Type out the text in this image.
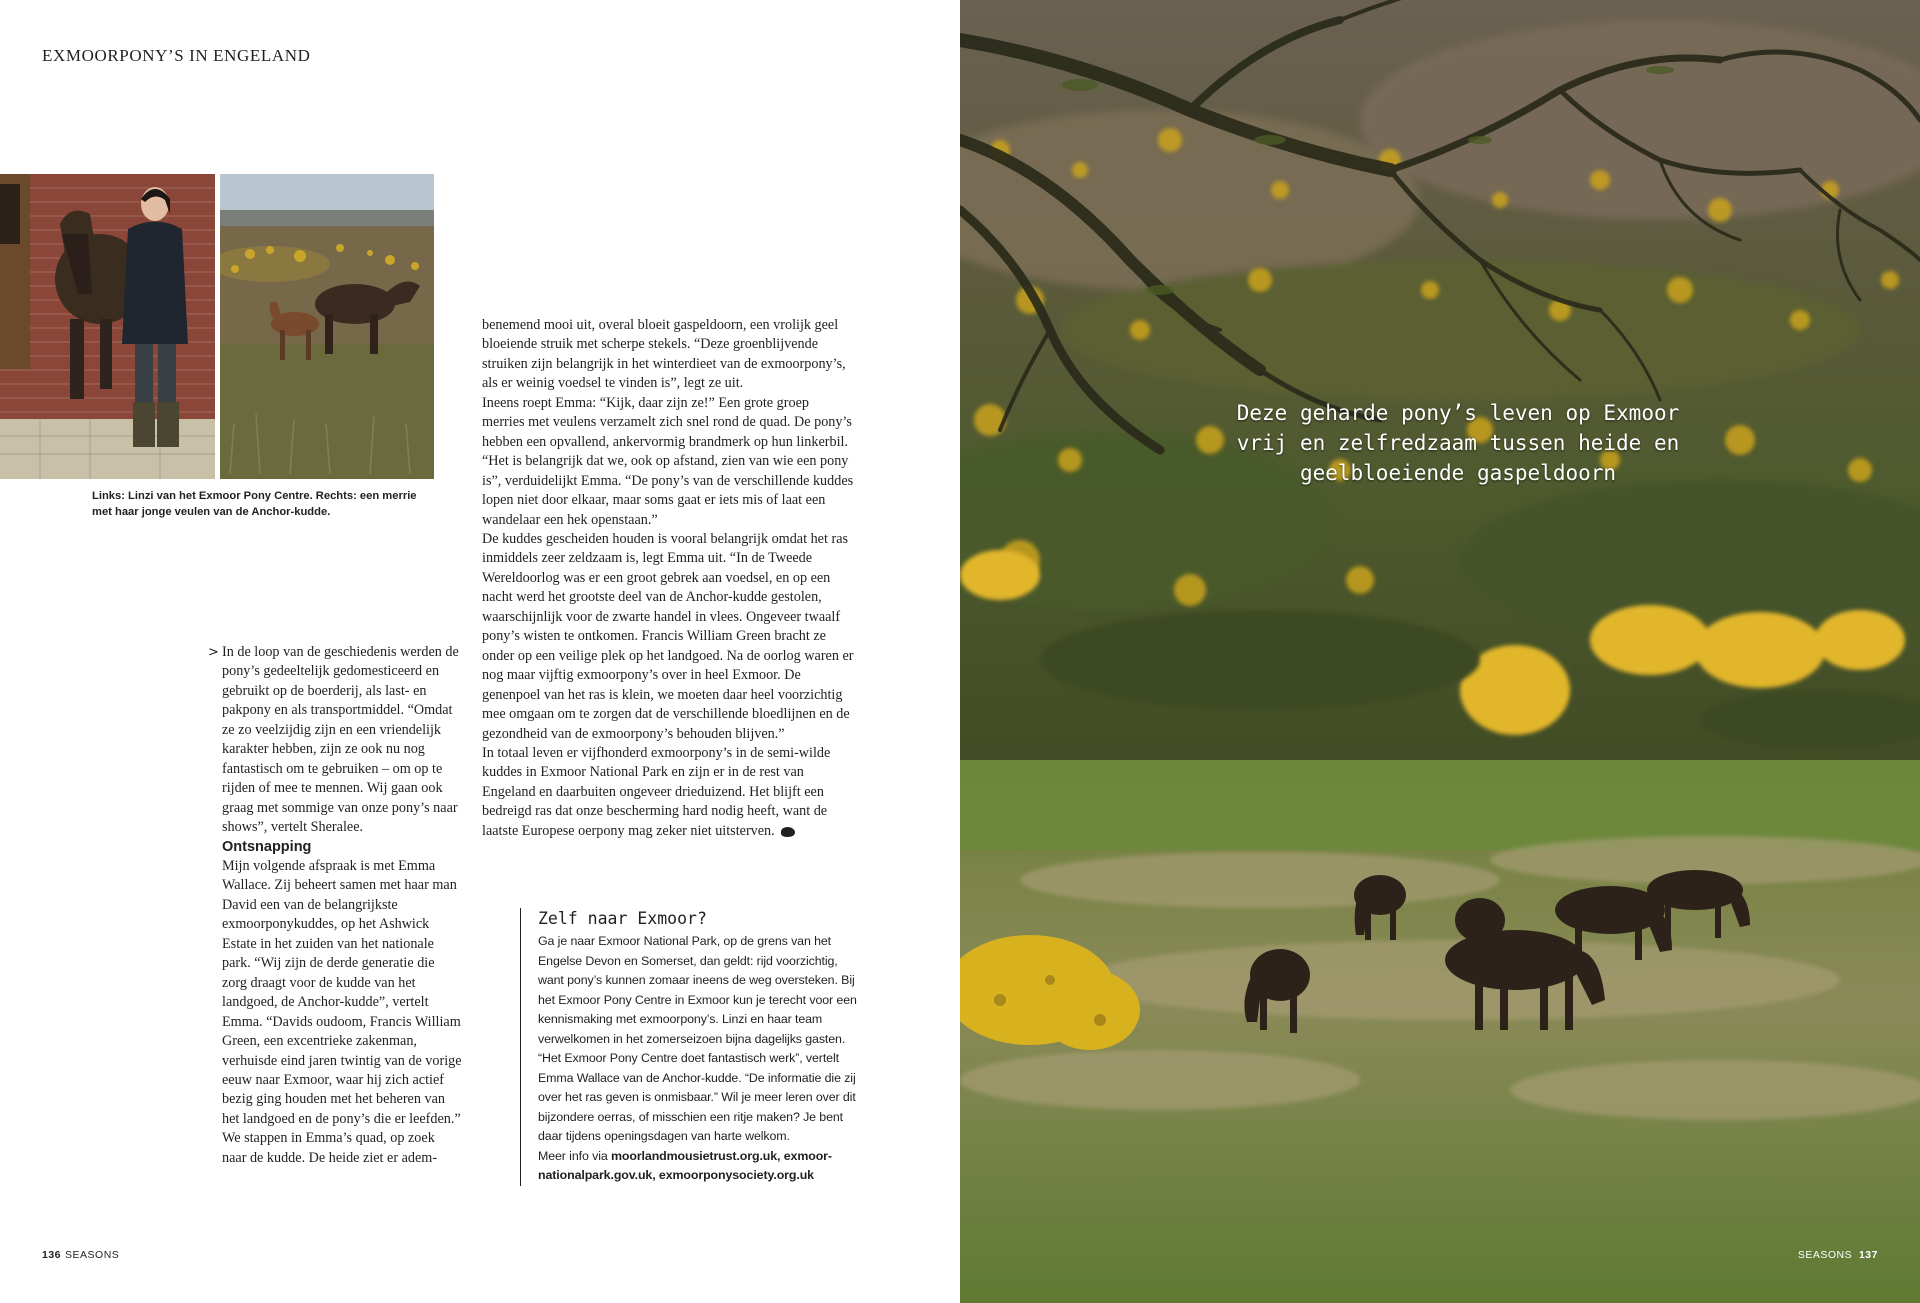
EXMOORPONY’S IN ENGELAND
Links: Linzi van het Exmoor Pony Centre. Rechts: een merrie met haar jonge veulen van de Anchor-kudde.
> In de loop van de geschiedenis werden de pony’s gedeeltelijk gedomesticeerd en gebruikt op de boerderij, als last- en pakpony en als transportmiddel. “Omdat ze zo veelzijdig zijn en een vriendelijk karakter hebben, zijn ze ook nu nog fantastisch om te gebruiken – om op te rijden of mee te mennen. Wij gaan ook graag met sommige van onze pony’s naar shows”, vertelt Sheralee.

Ontsnapping

Mijn volgende afspraak is met Emma Wallace. Zij beheert samen met haar man David een van de belangrijkste exmoorponykuddes, op het Ashwick Estate in het zuiden van het nationale park. “Wij zijn de derde generatie die zorg draagt voor de kudde van het landgoed, de Anchor-kudde”, vertelt Emma. “Davids oudoom, Francis William Green, een excentrieke zakenman, verhuisde eind jaren twintig van de vorige eeuw naar Exmoor, waar hij zich actief bezig ging houden met het beheren van het landgoed en de pony’s die er leefden.”

We stappen in Emma’s quad, op zoek naar de kudde. De heide ziet er adem-

benemend mooi uit, overal bloeit gaspeldoorn, een vrolijk geel bloeiende struik met scherpe stekels. “Deze groenblijvende struiken zijn belangrijk in het winterdieet van de exmoorpony’s, als er weinig voedsel te vinden is”, legt ze uit.

Ineens roept Emma: “Kijk, daar zijn ze!” Een grote groep merries met veulens verzamelt zich snel rond de quad. De pony’s hebben een opvallend, ankervormig brandmerk op hun linkerbil. “Het is belangrijk dat we, ook op afstand, zien van wie een pony is”, verduidelijkt Emma. “De pony’s van de verschillende kuddes lopen niet door elkaar, maar soms gaat er iets mis of laat een wandelaar een hek openstaan.”

De kuddes gescheiden houden is vooral belangrijk omdat het ras inmiddels zeer zeldzaam is, legt Emma uit. “In de Tweede Wereldoorlog was er een groot gebrek aan voedsel, en op een nacht werd het grootste deel van de Anchor-kudde gestolen, waarschijnlijk voor de zwarte handel in vlees. Ongeveer twaalf pony’s wisten te ontkomen. Francis William Green bracht ze onder op een veilige plek op het landgoed. Na de oorlog waren er nog maar vijftig exmoorpony’s over in heel Exmoor. De genenpoel van het ras is klein, we moeten daar heel voorzichtig mee omgaan om te zorgen dat de verschillende bloedlijnen en de gezondheid van de exmoorpony’s behouden blijven.”

In totaal leven er vijfhonderd exmoorpony’s in de semi-wilde kuddes in Exmoor National Park en zijn er in de rest van Engeland en daarbuiten ongeveer drieduizend. Het blijft een bedreigd ras dat onze bescherming hard nodig heeft, want de laatste Europese oerpony mag zeker niet uitsterven.

Zelf naar Exmoor?
Ga je naar Exmoor National Park, op de grens van het Engelse Devon en Somerset, dan geldt: rijd voorzichtig, want pony’s kunnen zomaar ineens de weg oversteken. Bij het Exmoor Pony Centre in Exmoor kun je terecht voor een kennismaking met exmoorpony’s. Linzi en haar team verwelkomen in het zomerseizoen bijna dagelijks gasten. “Het Exmoor Pony Centre doet fantastisch werk”, vertelt Emma Wallace van de Anchor-kudde. “De informatie die zij over het ras geven is onmisbaar.” Wil je meer leren over dit bijzondere oerras, of misschien een ritje maken? Je bent daar tijdens openingsdagen van harte welkom.
Meer info via moorlandmousietrust.org.uk, exmoor-nationalpark.gov.uk, exmoorponysociety.org.uk
136 SEASONS
Deze geharde pony’s leven op Exmoor vrij en zelfredzaam tussen heide en geelbloeiende gaspeldoorn
SEASONS 137
